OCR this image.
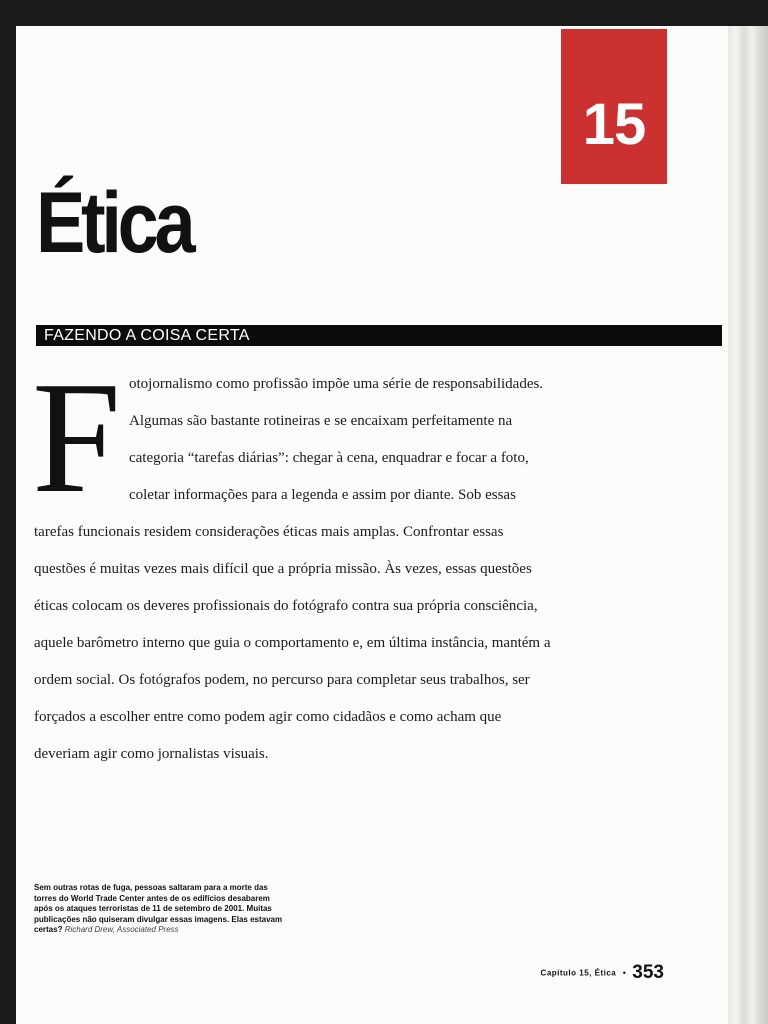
15
Ética
FAZENDO A COISA CERTA
F otojornalismo como profissão impõe uma série de responsabilidades. Algumas são bastante rotineiras e se encaixam perfeitamente na categoria “tarefas diárias”: chegar à cena, enquadrar e focar a foto, coletar informações para a legenda e assim por diante. Sob essas tarefas funcionais residem considerações éticas mais amplas. Confrontar essas questões é muitas vezes mais difícil que a própria missão. Às vezes, essas questões éticas colocam os deveres profissionais do fotógrafo contra sua própria consciência, aquele barômetro interno que guia o comportamento e, em última instância, mantém a ordem social. Os fotógrafos podem, no percurso para completar seus trabalhos, ser forçados a escolher entre como podem agir como cidadãos e como acham que deveriam agir como jornalistas visuais.

Sem outras rotas de fuga, pessoas saltaram para a morte das torres do World Trade Center antes de os edifícios desabarem após os ataques terroristas de 11 de setembro de 2001. Muitas publicações não quiseram divulgar essas imagens. Elas estavam certas? Richard Drew, Associated Press
Capítulo 15, Ética • 353
